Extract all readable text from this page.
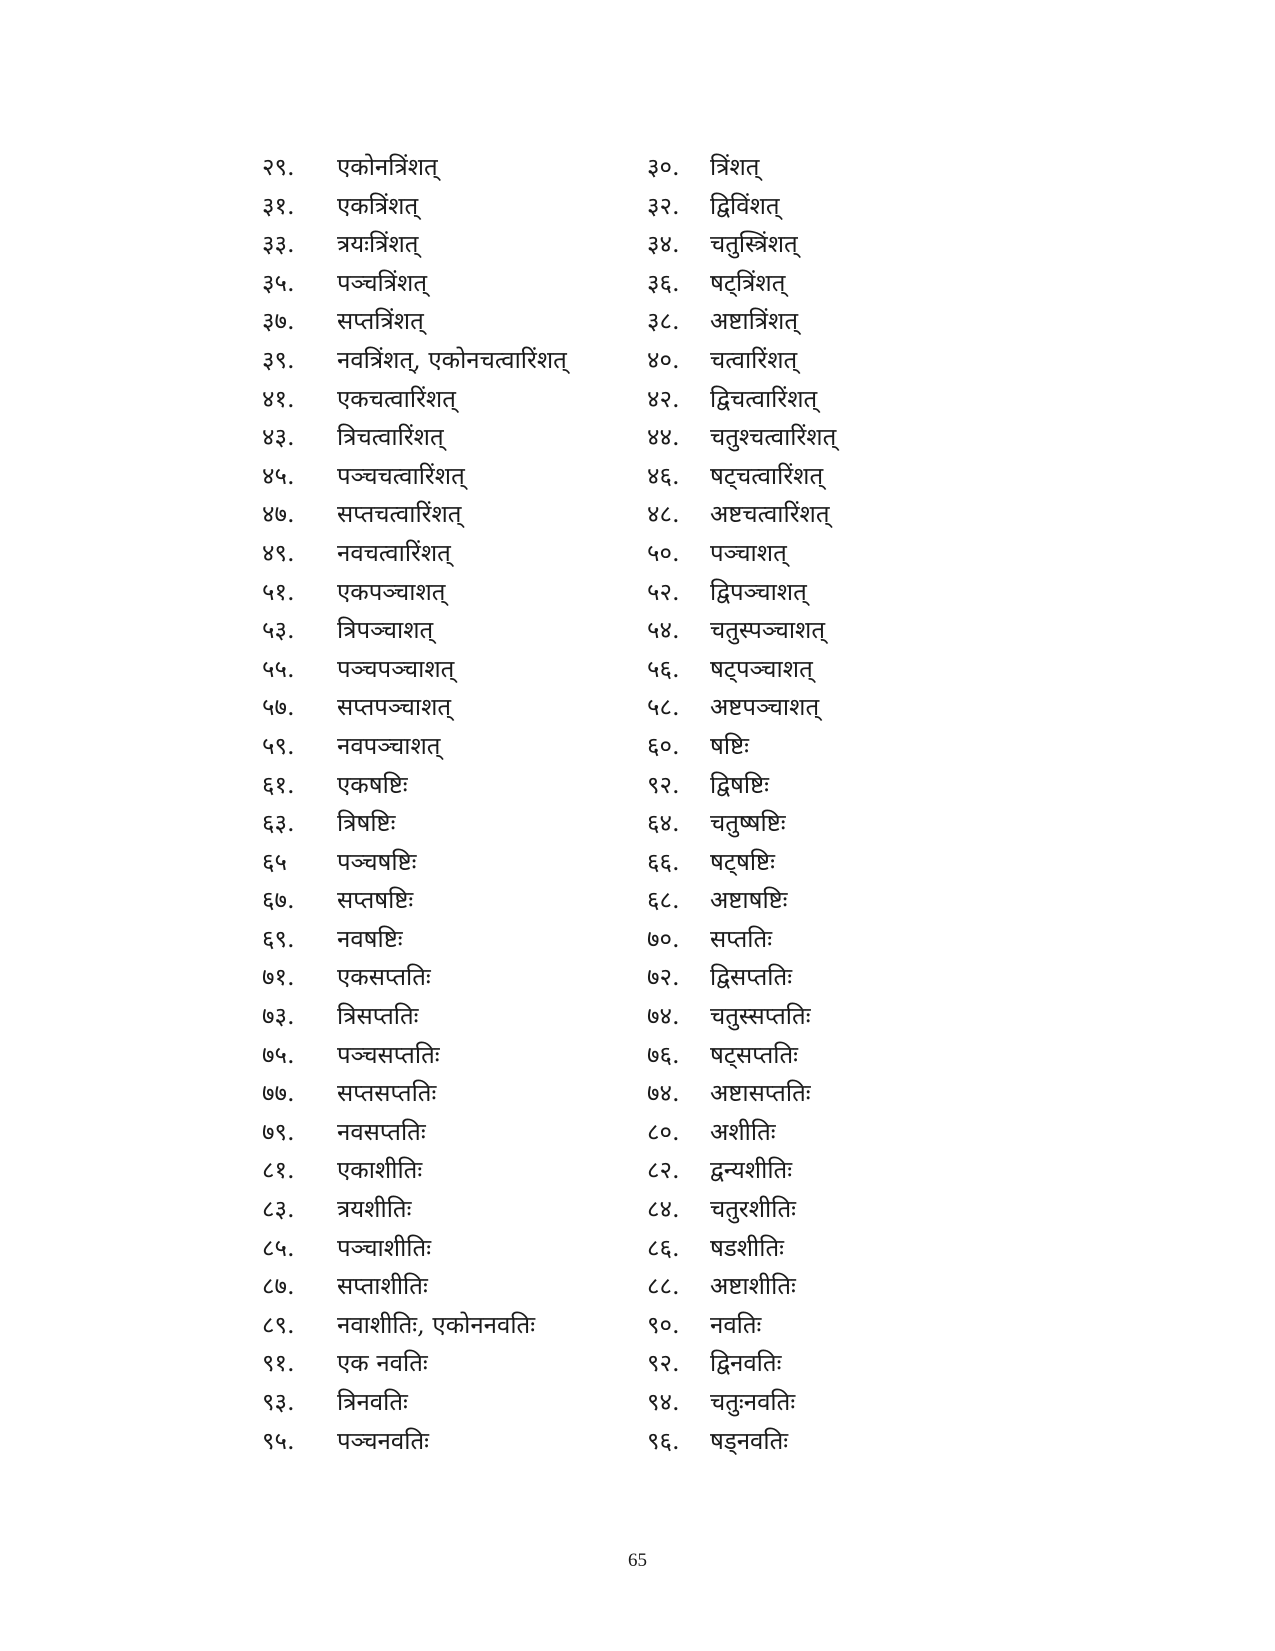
२९. एकोनत्रिंशत्	३०. त्रिंशत्
३१. एकत्रिंशत्	३२. द्विविंशत्
३३. त्रयःत्रिंशत्	३४. चतुस्त्रिंशत्
३५. पञ्चत्रिंशत्	३६. षट्त्रिंशत्
३७. सप्तत्रिंशत्	३८. अष्टात्रिंशत्
३९. नवत्रिंशत्, एकोनचत्वारिंशत्	४०. चत्वारिंशत्
४१. एकचत्वारिंशत्	४२. द्विचत्वारिंशत्
४३. त्रिचत्वारिंशत्	४४. चतुश्चत्वारिंशत्
४५. पञ्चचत्वारिंशत्	४६. षट्चत्वारिंशत्
४७. सप्तचत्वारिंशत्	४८. अष्टचत्वारिंशत्
४९. नवचत्वारिंशत्	५०. पञ्चाशत्
५१. एकपञ्चाशत्	५२. द्विपञ्चाशत्
५३. त्रिपञ्चाशत्	५४. चतुस्पञ्चाशत्
५५. पञ्चपञ्चाशत्	५६. षट्पञ्चाशत्
५७. सप्तपञ्चाशत्	५८. अष्टपञ्चाशत्
५९. नवपञ्चाशत्	६०. षष्टिः
६१. एकषष्टिः	९२. द्विषष्टिः
६३. त्रिषष्टिः	६४. चतुष्षष्टिः
६५ पञ्चषष्टिः	६६. षट्षष्टिः
६७. सप्तषष्टिः	६८. अष्टाषष्टिः
६९. नवषष्टिः	७०. सप्ततिः
७१. एकसप्ततिः	७२. द्विसप्ततिः
७३. त्रिसप्ततिः	७४. चतुस्सप्ततिः
७५. पञ्चसप्ततिः	७६. षट्सप्ततिः
७७. सप्तसप्ततिः	७४. अष्टासप्ततिः
७९. नवसप्ततिः	८०. अशीतिः
८१. एकाशीतिः	८२. द्वन्यशीतिः
८३. त्रयशीतिः	८४. चतुरशीतिः
८५. पञ्चाशीतिः	८६. षडशीतिः
८७. सप्ताशीतिः	८८. अष्टाशीतिः
८९. नवाशीतिः, एकोननवतिः	९०. नवतिः
९१. एक नवतिः	९२. द्विनवतिः
९३. त्रिनवतिः	९४. चतुःनवतिः
९५. पञ्चनवतिः	९६. षड्नवतिः
65
